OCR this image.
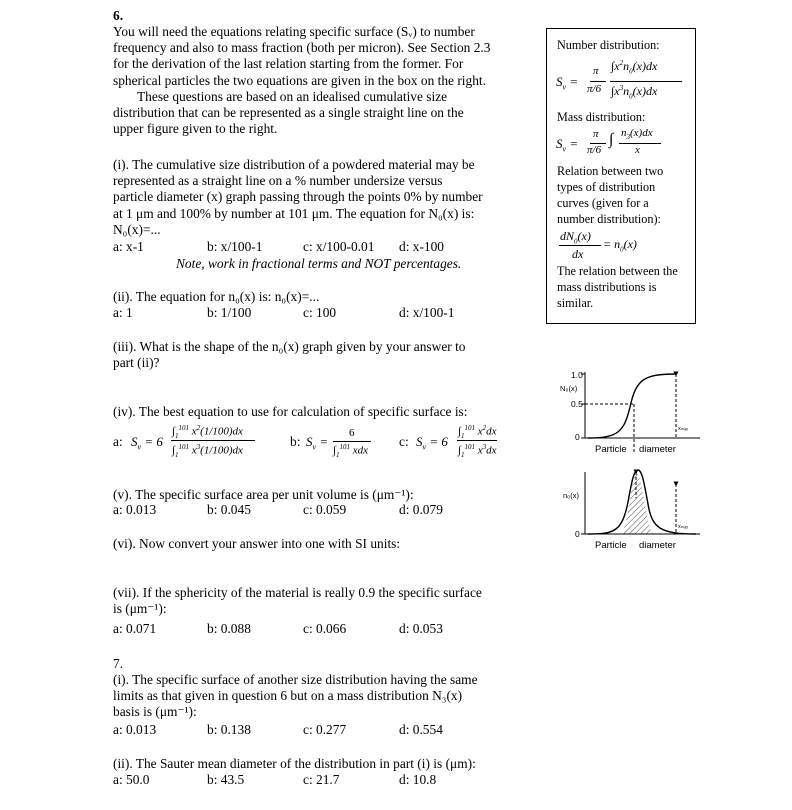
6.

You will need the equations relating specific surface (Sᵥ) to number

frequency and also to mass fraction (both per micron). See Section 2.3

for the derivation of the last relation starting from the former. For

spherical particles the two equations are given in the box on the right.

These questions are based on an idealised cumulative size

distribution that can be represented as a single straight line on the

upper figure given to the right.

(i). The cumulative size distribution of a powdered material may be

represented as a straight line on a % number undersize versus

particle diameter (x) graph passing through the points 0% by number

at 1 μm and 100% by number at 101 μm. The equation for N₀(x) is:

N₀(x)=...

a: x-1	b: x/100-1	c: x/100-0.01 d: x-100
Note, work in fractional terms and NOT percentages.
(ii). The equation for n₀(x) is: n₀(x)=...
a: 1	b: 1/100	c: 100	d: x/100-1

(iii). What is the shape of the n₀(x) graph given by your answer to

part (ii)?

(iv). The best equation to use for calculation of specific surface is:
a: $S_v = 6$
$\int_1^{101}$ $x^2(1/100)dx$
$\int_1^{101}$ $x^3(1/100)dx$
b: $S_v$ =
6
$\int_1^{101}$ xdx
c: $S_v = 6$
$\int_1^{101}$ $x^2dx$
$\int_1^{101}$ $x^3dx$
(v). The specific surface area per unit volume is (μm⁻¹):
a: 0.013	b: 0.045	c: 0.059	d: 0.079
(vi). Now convert your answer into one with SI units:

(vii). If the sphericity of the material is really 0.9 the specific surface

is (μm⁻¹):

a: 0.071	b: 0.088	c: 0.066	d: 0.053
7.

(i). The specific surface of another size distribution having the same

limits as that given in question 6 but on a mass distribution N₃(x)

basis is (μm⁻¹):

a: 0.013	b: 0.138	c: 0.277	d: 0.554
(ii). The Sauter mean diameter of the distribution in part (i) is (μm):
a: 50.0	b: 43.5	c: 21.7	d: 10.8

Number distribution:

$S_v$ =
π
π/6
$\int x^2n_0(x)dx$
$\int x^3n_0(x)dx$

Mass distribution:

$S_v$ =
π
π/6
∫ $n_3(x)dx$
x

Relation between two

types of distribution

curves (given for a

number distribution):

$dN_0(x)$
dx
= $n_0(x)$

The relation between the

mass distributions is

similar.

1.0
N₀(x)
0.5
0
Particle diameter
xₘₐₓ
n₀(x)
0
Particle diameter
xₘₐₓ
